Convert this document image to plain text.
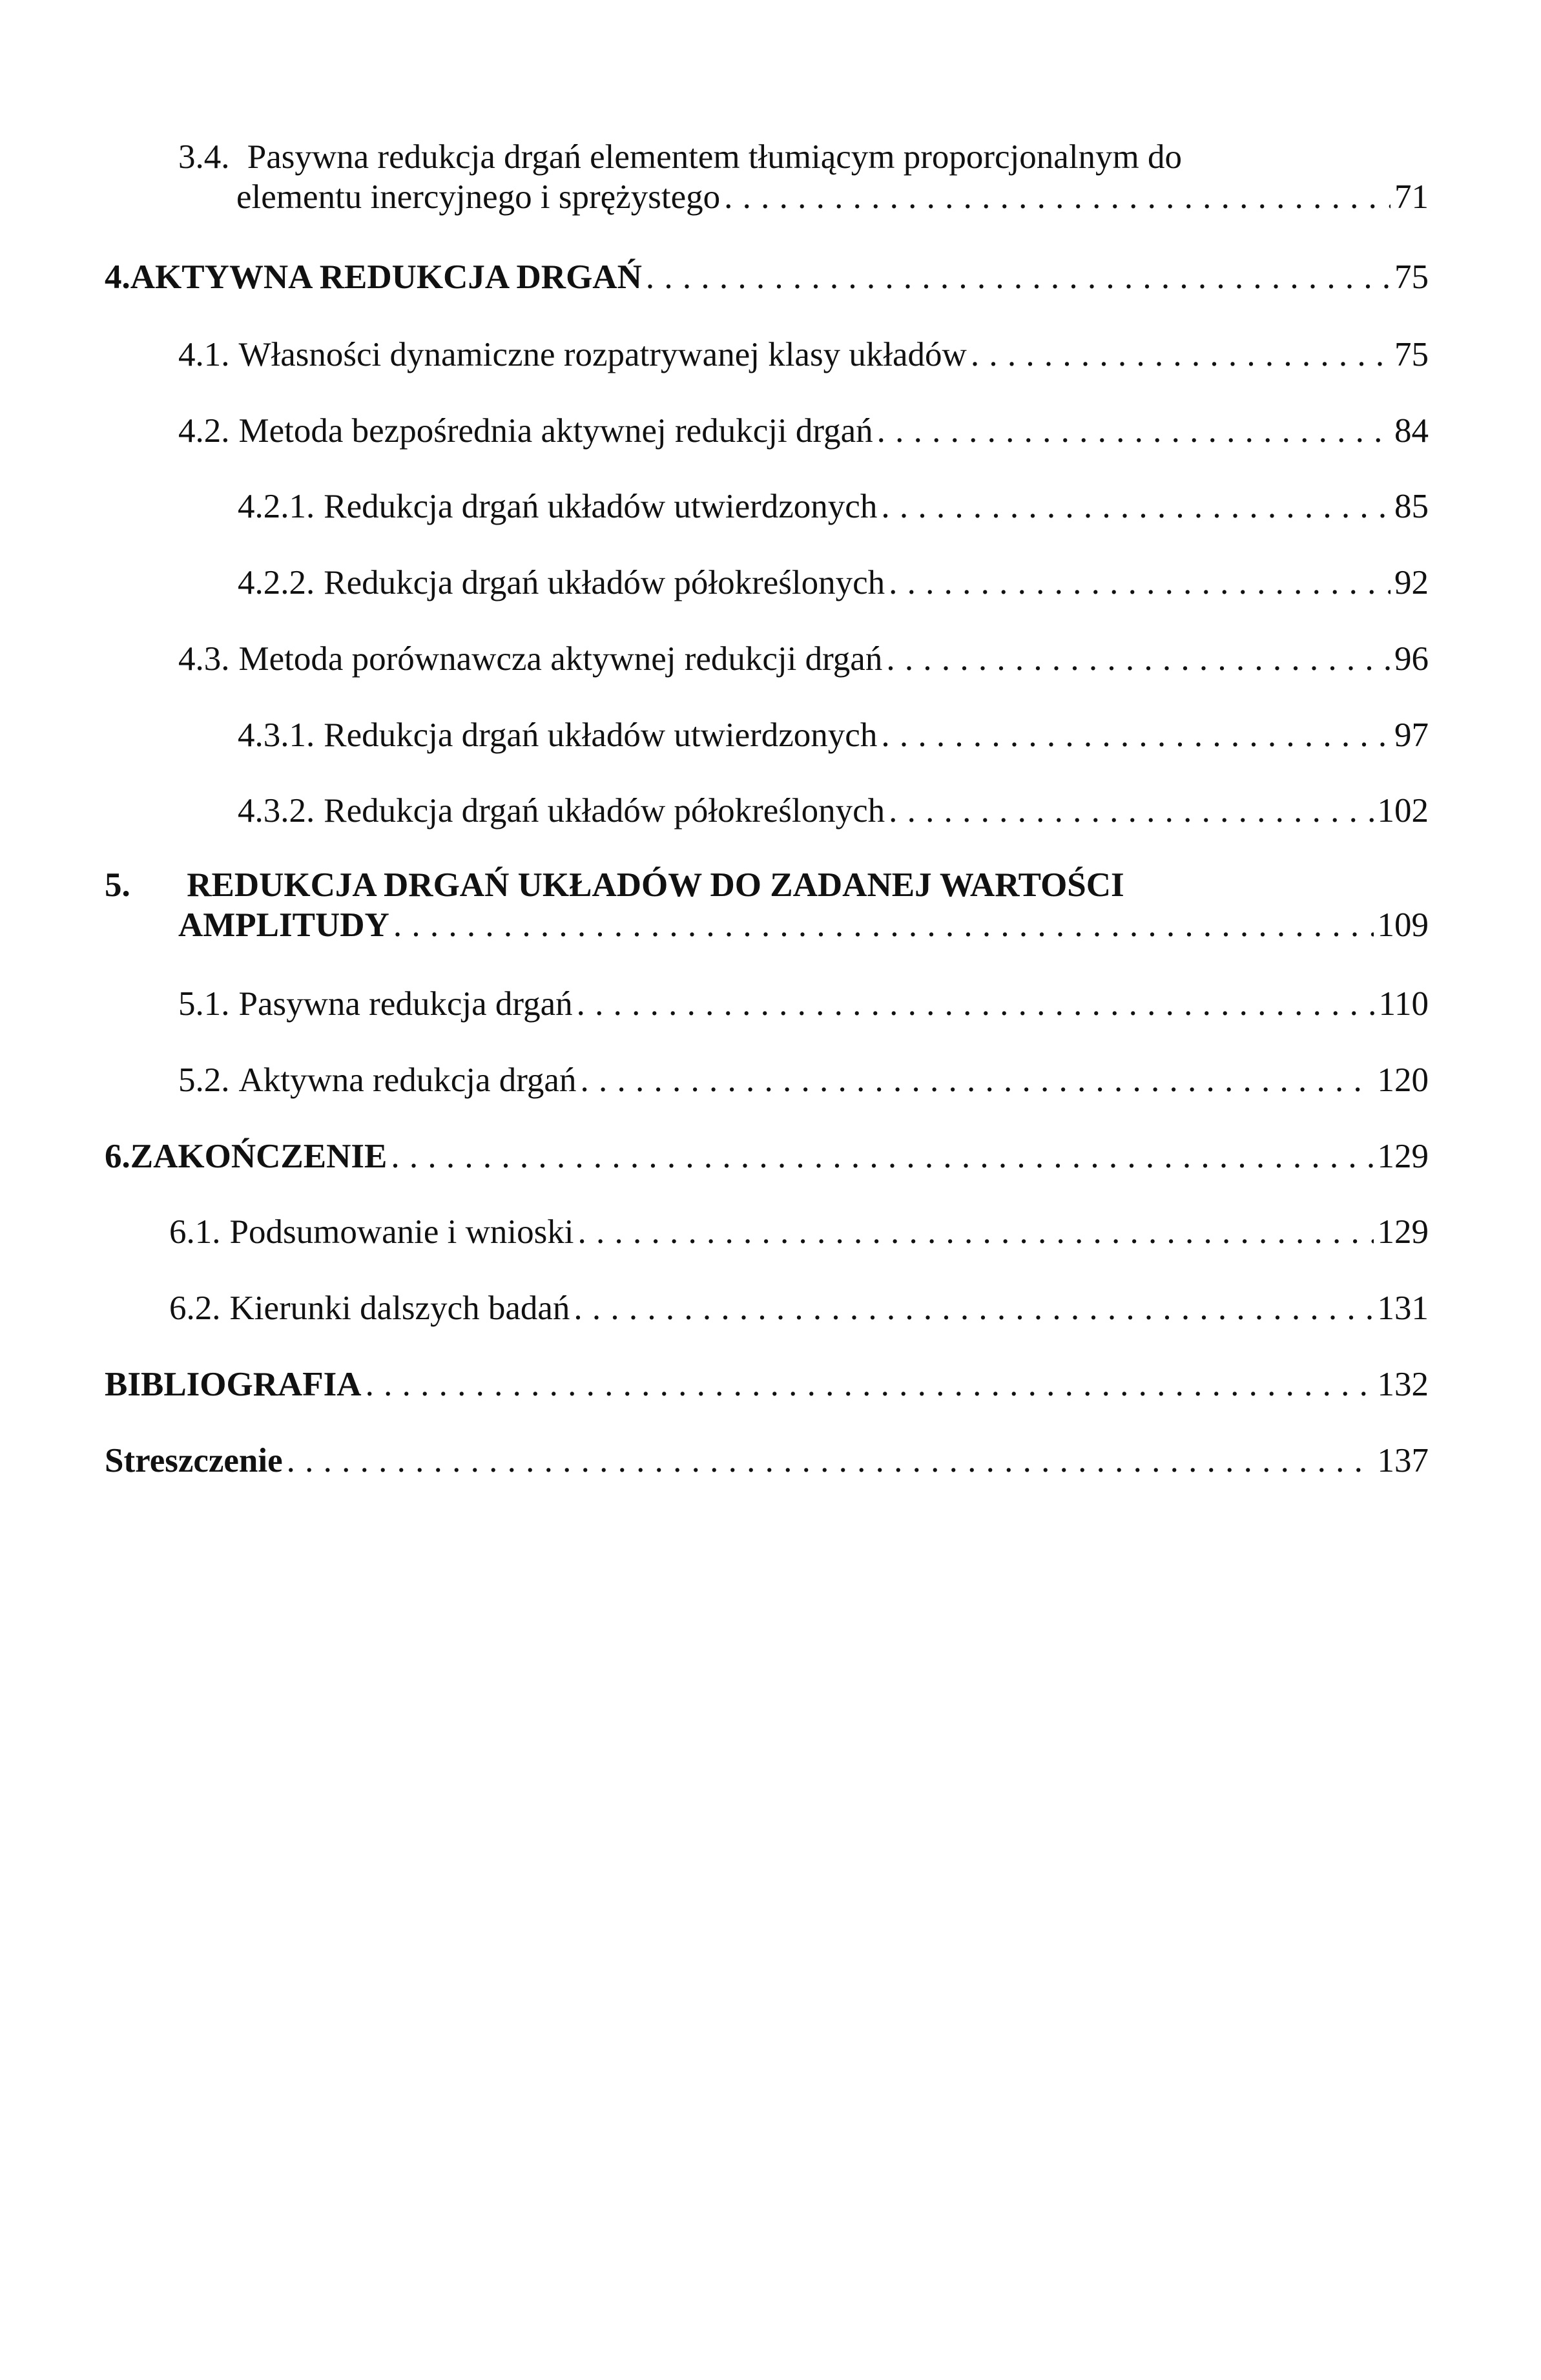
3.4. Pasywna redukcja drgań elementem tłumiącym proporcjonalnym do
elementu inercyjnego i sprężystego . . .	71
4. AKTYWNA REDUKCJA DRGAŃ . . .	75
4.1. Własności dynamiczne rozpatrywanej klasy układów . . .	75
4.2. Metoda bezpośrednia aktywnej redukcji drgań . . .	84
4.2.1. Redukcja drgań układów utwierdzonych . . .	85
4.2.2. Redukcja drgań układów półokreślonych . . .	92
4.3. Metoda porównawcza aktywnej redukcji drgań . . .	96
4.3.1. Redukcja drgań układów utwierdzonych . . .	97
4.3.2. Redukcja drgań układów półokreślonych . . .	102
5. REDUKCJA DRGAŃ UKŁADÓW DO ZADANEJ WARTOŚCI
AMPLITUDY . . .	109
5.1. Pasywna redukcja drgań . . .	110
5.2. Aktywna redukcja drgań . . .	120
6. ZAKOŃCZENIE . . .	129
6.1. Podsumowanie i wnioski . . .	129
6.2. Kierunki dalszych badań . . .	131
BIBLIOGRAFIA . . .	132
Streszczenie . . .	137
